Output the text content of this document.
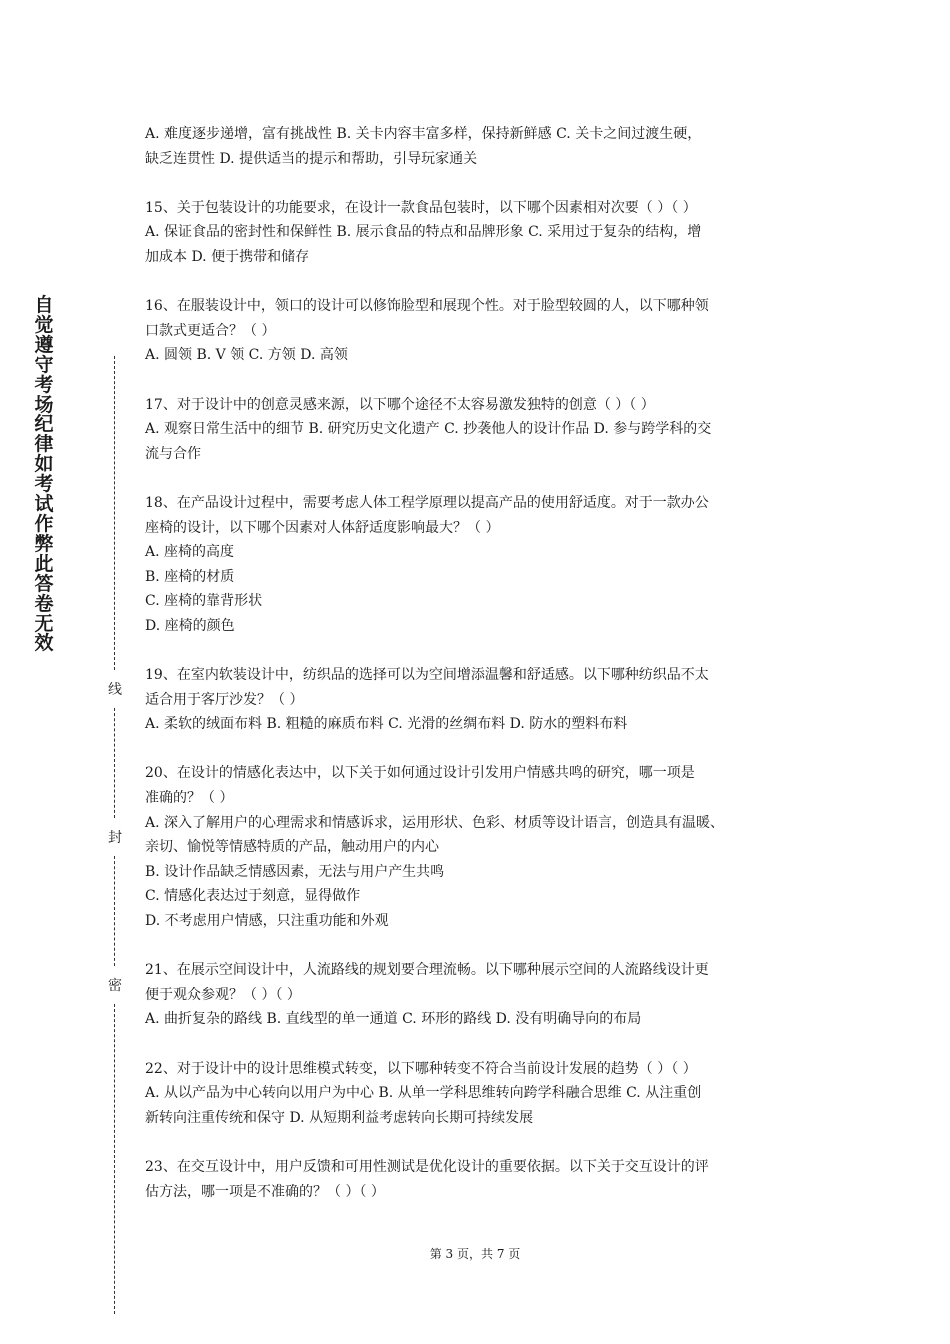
自觉遵守考场纪律如考试作弊此答卷无效
线
封
密
A. 难度逐步递增，富有挑战性 B. 关卡内容丰富多样，保持新鲜感 C. 关卡之间过渡生硬，
缺乏连贯性 D. 提供适当的提示和帮助，引导玩家通关
15、关于包装设计的功能要求，在设计一款食品包装时，以下哪个因素相对次要（ ）（ ）
A. 保证食品的密封性和保鲜性 B. 展示食品的特点和品牌形象 C. 采用过于复杂的结构，增
加成本 D. 便于携带和储存
16、在服装设计中，领口的设计可以修饰脸型和展现个性。对于脸型较圆的人，以下哪种领
口款式更适合？（ ）
A. 圆领 B. V 领 C. 方领 D. 高领
17、对于设计中的创意灵感来源，以下哪个途径不太容易激发独特的创意（ ）（ ）
A. 观察日常生活中的细节 B. 研究历史文化遗产 C. 抄袭他人的设计作品 D. 参与跨学科的交
流与合作
18、在产品设计过程中，需要考虑人体工程学原理以提高产品的使用舒适度。对于一款办公
座椅的设计，以下哪个因素对人体舒适度影响最大？（ ）
A. 座椅的高度
B. 座椅的材质
C. 座椅的靠背形状
D. 座椅的颜色
19、在室内软装设计中，纺织品的选择可以为空间增添温馨和舒适感。以下哪种纺织品不太
适合用于客厅沙发？（ ）
A. 柔软的绒面布料 B. 粗糙的麻质布料 C. 光滑的丝绸布料 D. 防水的塑料布料
20、在设计的情感化表达中，以下关于如何通过设计引发用户情感共鸣的研究，哪一项是
准确的？（ ）
A. 深入了解用户的心理需求和情感诉求，运用形状、色彩、材质等设计语言，创造具有温暖、
亲切、愉悦等情感特质的产品，触动用户的内心
B. 设计作品缺乏情感因素，无法与用户产生共鸣
C. 情感化表达过于刻意，显得做作
D. 不考虑用户情感，只注重功能和外观
21、在展示空间设计中，人流路线的规划要合理流畅。以下哪种展示空间的人流路线设计更
便于观众参观？（ ）（ ）
A. 曲折复杂的路线 B. 直线型的单一通道 C. 环形的路线 D. 没有明确导向的布局
22、对于设计中的设计思维模式转变，以下哪种转变不符合当前设计发展的趋势（ ）（ ）
A. 从以产品为中心转向以用户为中心 B. 从单一学科思维转向跨学科融合思维 C. 从注重创
新转向注重传统和保守 D. 从短期利益考虑转向长期可持续发展
23、在交互设计中，用户反馈和可用性测试是优化设计的重要依据。以下关于交互设计的评
估方法，哪一项是不准确的？（ ）（ ）
第 3 页，共 7 页
